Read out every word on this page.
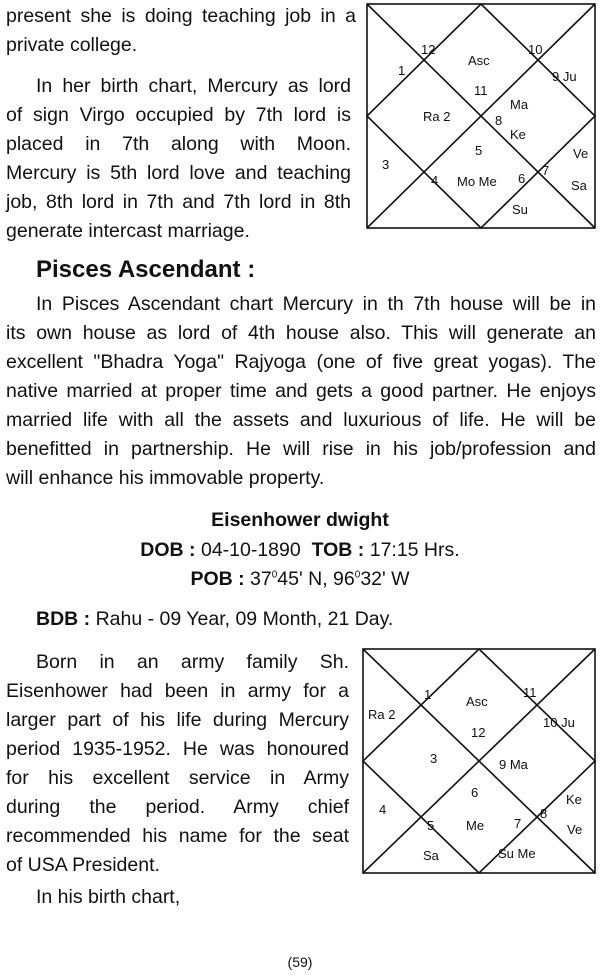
present she is doing teaching job in a
private college.
In her birth chart, Mercury as lord
of sign Virgo occupied by 7th lord is
placed in 7th along with Moon.
Mercury is 5th lord love and teaching
job, 8th lord in 7th and 7th lord in 8th
generate intercast marriage.
12
1
Asc
11
10
9 Ju
Ra 2
Ma
8
Ke
5
3
4 Mo Me 6
7
Ve
Sa
Su
Pisces Ascendant :
In Pisces Ascendant chart Mercury in th 7th house will be in
its own house as lord of 4th house also. This will generate an
excellent "Bhadra Yoga" Rajyoga (one of five great yogas). The
native married at proper time and gets a good partner. He enjoys
married life with all the assets and luxurious of life. He will be
benefitted in partnership. He will rise in his job/profession and
will enhance his immovable property.
Eisenhower dwight
DOB : 04-10-1890 TOB : 17:15 Hrs.
POB : $37^045'$ N, $96^032'$ W
BDB : Rahu - 09 Year, 09 Month, 21 Day.
Born in an army family Sh.
Eisenhower had been in army for a
larger part of his life during Mercury
period 1935-1952. He was honoured
for his excellent service in Army
during the period. Army chief
recommended his name for the seat
of USA President.
1
Ra 2
Asc
12
11
10 Ju
3	9 Ma
6
4
5 Me 7
8
Ke
Ve
Sa	Su Me
In his birth chart,
(59)
